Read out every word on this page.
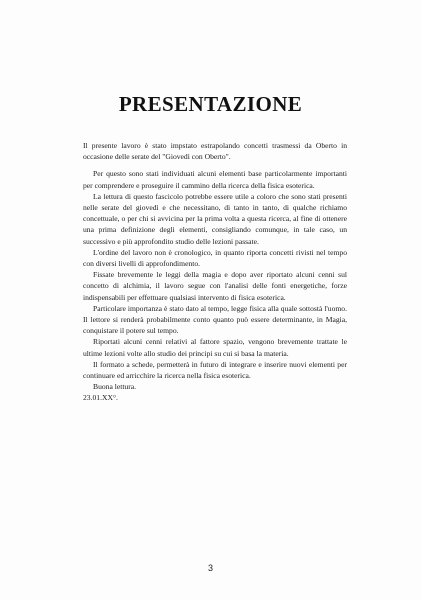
PRESENTAZIONE

Il presente lavoro è stato impstato estrapolando concetti trasmessi da Oberto in occasione delle serate del "Giovedì con Oberto".

Per questo sono stati individuati alcuni elementi base particolarmente importanti per comprendere e proseguire il cammino della ricerca della fisica esoterica.

La lettura di questo fascicolo potrebbe essere utile a coloro che sono stati presenti nelle serate del giovedì e che necessitano, di tanto in tanto, di qualche richiamo concettuale, o per chi si avvicina per la prima volta a questa ricerca, al fine di ottenere una prima definizione degli elementi, consigliando comunque, in tale caso, un successivo e più approfondito studio delle lezioni passate.

L'ordine del lavoro non è cronologico, in quanto riporta concetti rivisti nel tempo con diversi livelli di approfondimento.

Fissate brevemente le leggi della magia e dopo aver riportato alcuni cenni sul concetto di alchimia, il lavoro segue con l'analisi delle fonti energetiche, forze indispensabili per effettuare qualsiasi intervento di fisica esoterica.

Particolare importanza è stato dato al tempo, legge fisica alla quale sottostà l'uomo. Il lettore si renderà probabilmente conto quanto può essere determinante, in Magia, conquistare il potere sul tempo.

Riportati alcuni cenni relativi al fattore spazio, vengono brevemente trattate le ultime lezioni volte allo studio dei principi su cui si basa la materia.

Il formato a schede, permetterà in futuro di integrare e inserire nuovi elementi per continuare ed arricchire la ricerca nella fisica esoterica.

Buona lettura.

23.01.XX°.

3
